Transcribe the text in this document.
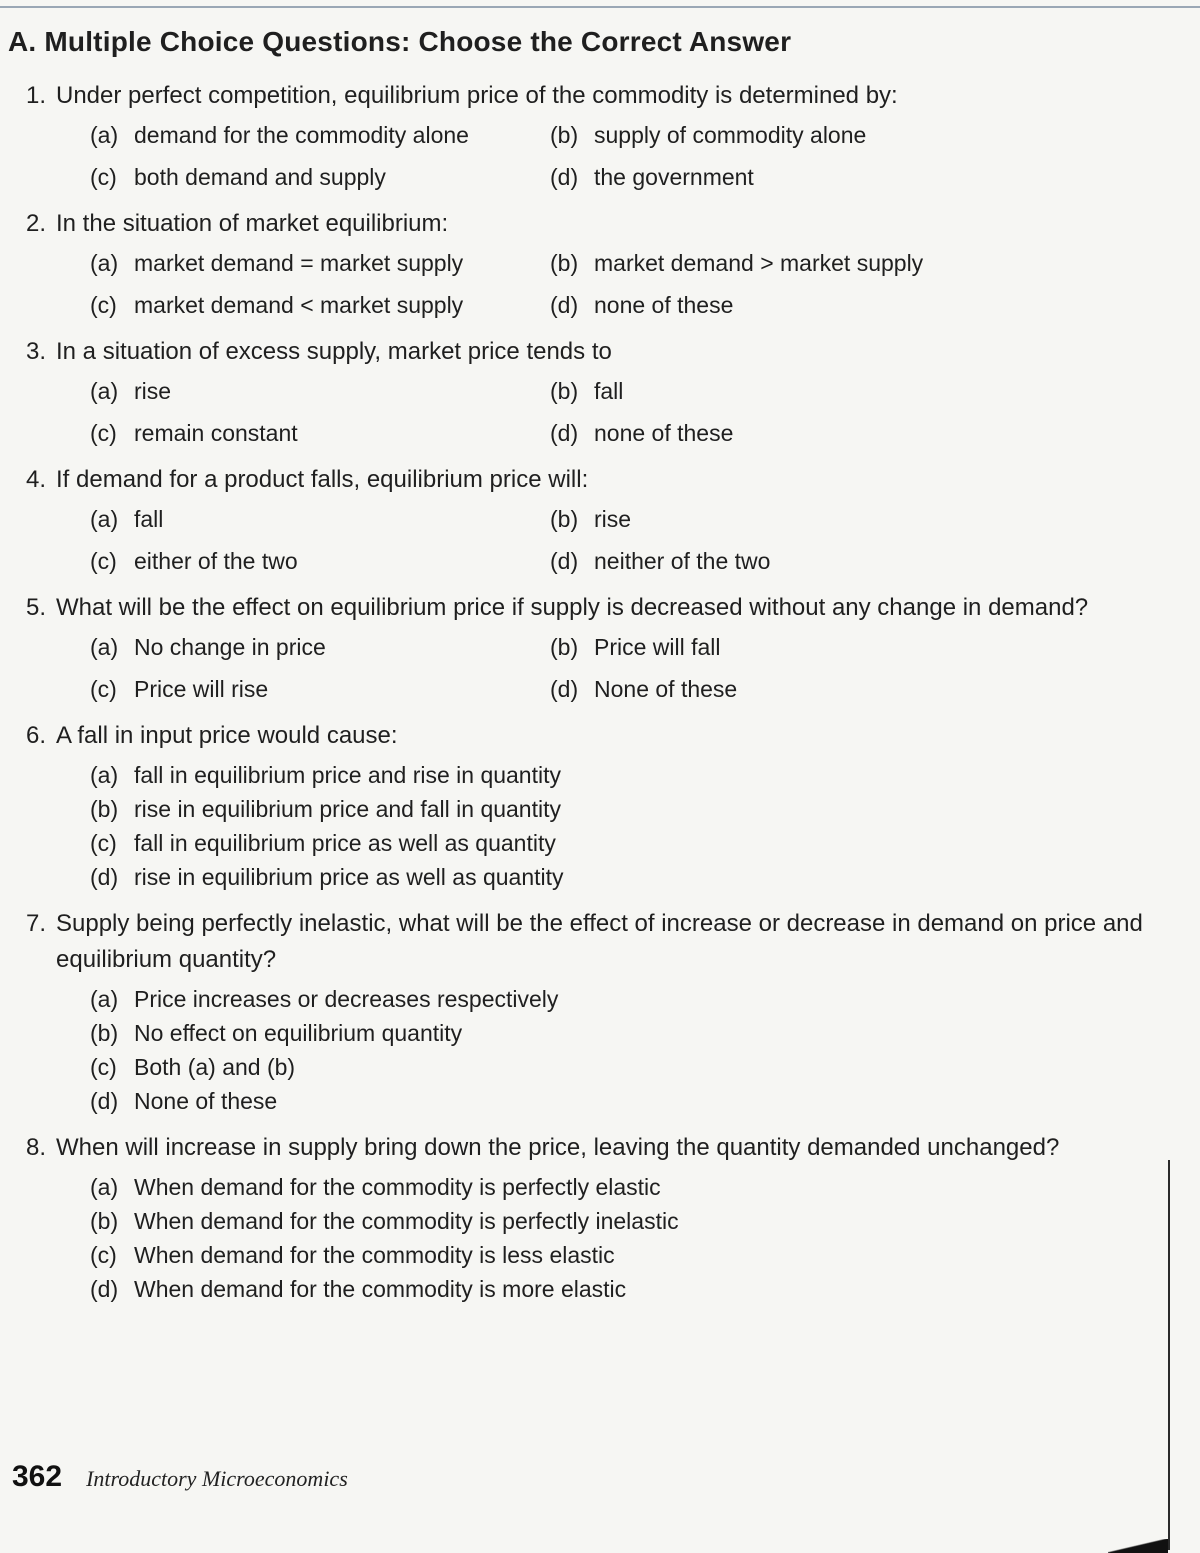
A. Multiple Choice Questions: Choose the Correct Answer
1. Under perfect competition, equilibrium price of the commodity is determined by:
(a) demand for the commodity alone	(b) supply of commodity alone
(c) both demand and supply	(d) the government
2. In the situation of market equilibrium:
(a) market demand = market supply	(b) market demand > market supply
(c) market demand < market supply	(d) none of these
3. In a situation of excess supply, market price tends to
(a) rise	(b) fall
(c) remain constant	(d) none of these
4. If demand for a product falls, equilibrium price will:
(a) fall	(b) rise
(c) either of the two	(d) neither of the two
5. What will be the effect on equilibrium price if supply is decreased without any change in demand?
(a) No change in price	(b) Price will fall
(c) Price will rise	(d) None of these
6. A fall in input price would cause:
(a) fall in equilibrium price and rise in quantity
(b) rise in equilibrium price and fall in quantity
(c) fall in equilibrium price as well as quantity
(d) rise in equilibrium price as well as quantity
7. Supply being perfectly inelastic, what will be the effect of increase or decrease in demand on price and equilibrium quantity?
(a) Price increases or decreases respectively
(b) No effect on equilibrium quantity
(c) Both (a) and (b)
(d) None of these
8. When will increase in supply bring down the price, leaving the quantity demanded unchanged?
(a) When demand for the commodity is perfectly elastic
(b) When demand for the commodity is perfectly inelastic
(c) When demand for the commodity is less elastic
(d) When demand for the commodity is more elastic
362 Introductory Microeconomics
